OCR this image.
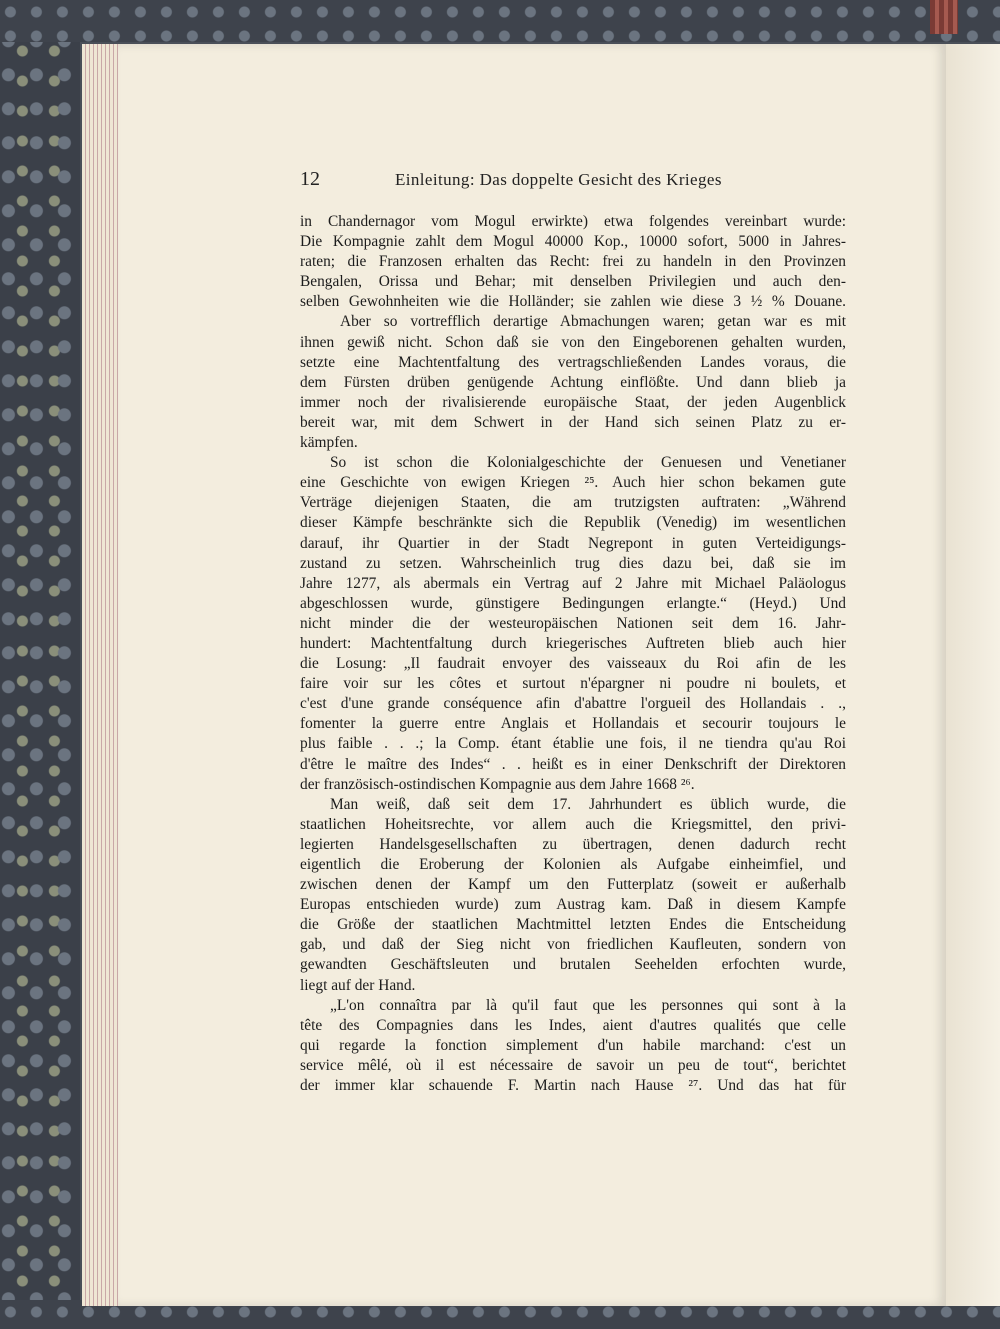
12	Einleitung: Das doppelte Gesicht des Krieges
in Chandernagor vom Mogul erwirkte) etwa folgendes vereinbart wurde:
Die Kompagnie zahlt dem Mogul 40000 Kop., 10000 sofort, 5000 in Jahres-
raten; die Franzosen erhalten das Recht: frei zu handeln in den Provinzen
Bengalen, Orissa und Behar; mit denselben Privilegien und auch den-
selben Gewohnheiten wie die Holländer; sie zahlen wie diese 3 ½ % Douane.
Aber so vortrefflich derartige Abmachungen waren; getan war es mit
ihnen gewiß nicht. Schon daß sie von den Eingeborenen gehalten wurden,
setzte eine Machtentfaltung des vertragschließenden Landes voraus, die
dem Fürsten drüben genügende Achtung einflößte. Und dann blieb ja
immer noch der rivalisierende europäische Staat, der jeden Augenblick
bereit war, mit dem Schwert in der Hand sich seinen Platz zu er-
kämpfen.
So ist schon die Kolonialgeschichte der Genuesen und Venetianer
eine Geschichte von ewigen Kriegen ²⁵. Auch hier schon bekamen gute
Verträge diejenigen Staaten, die am trutzigsten auftraten: „Während
dieser Kämpfe beschränkte sich die Republik (Venedig) im wesentlichen
darauf, ihr Quartier in der Stadt Negrepont in guten Verteidigungs-
zustand zu setzen. Wahrscheinlich trug dies dazu bei, daß sie im
Jahre 1277, als abermals ein Vertrag auf 2 Jahre mit Michael Paläologus
abgeschlossen wurde, günstigere Bedingungen erlangte.“ (Heyd.) Und
nicht minder die der westeuropäischen Nationen seit dem 16. Jahr-
hundert: Machtentfaltung durch kriegerisches Auftreten blieb auch hier
die Losung: „Il faudrait envoyer des vaisseaux du Roi afin de les
faire voir sur les côtes et surtout n'épargner ni poudre ni boulets, et
c'est d'une grande conséquence afin d'abattre l'orgueil des Hollandais . .,
fomenter la guerre entre Anglais et Hollandais et secourir toujours le
plus faible . . .; la Comp. étant établie une fois, il ne tiendra qu'au Roi
d'être le maître des Indes“ . . heißt es in einer Denkschrift der Direktoren
der französisch-ostindischen Kompagnie aus dem Jahre 1668 ²⁶.
Man weiß, daß seit dem 17. Jahrhundert es üblich wurde, die
staatlichen Hoheitsrechte, vor allem auch die Kriegsmittel, den privi-
legierten Handelsgesellschaften zu übertragen, denen dadurch recht
eigentlich die Eroberung der Kolonien als Aufgabe einheimfiel, und
zwischen denen der Kampf um den Futterplatz (soweit er außerhalb
Europas entschieden wurde) zum Austrag kam. Daß in diesem Kampfe
die Größe der staatlichen Machtmittel letzten Endes die Entscheidung
gab, und daß der Sieg nicht von friedlichen Kaufleuten, sondern von
gewandten Geschäftsleuten und brutalen Seehelden erfochten wurde,
liegt auf der Hand.
„L'on connaîtra par là qu'il faut que les personnes qui sont à la
tête des Compagnies dans les Indes, aient d'autres qualités que celle
qui regarde la fonction simplement d'un habile marchand: c'est un
service mêlé, où il est nécessaire de savoir un peu de tout“, berichtet
der immer klar schauende F. Martin nach Hause ²⁷. Und das hat für
